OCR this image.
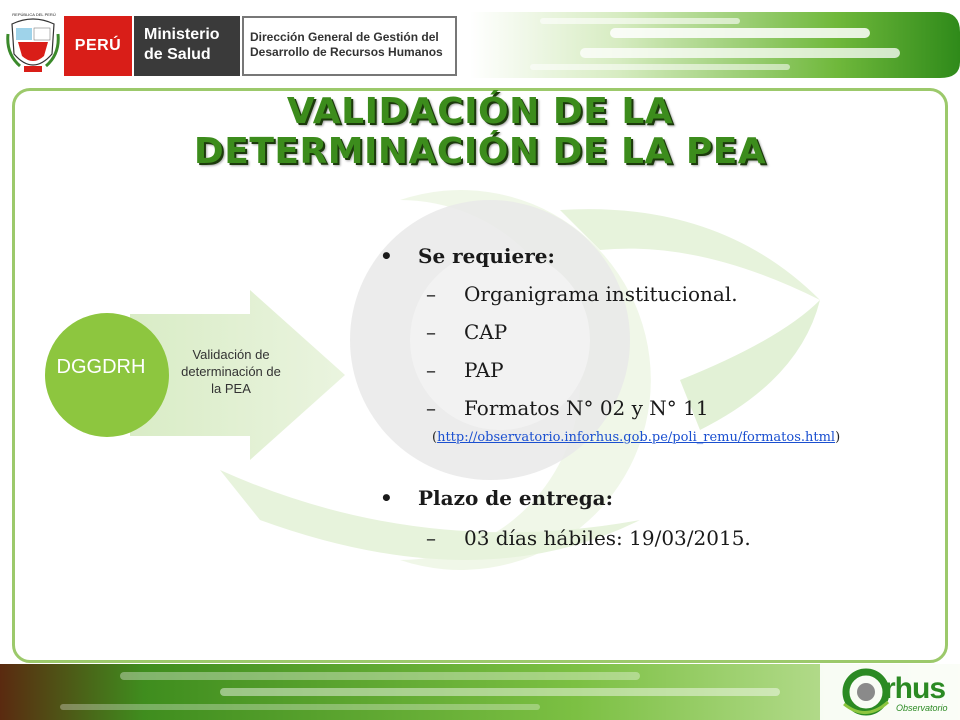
REPÚBLICA DEL PERÚ
PERÚ
Ministerio
de Salud
Dirección General de Gestión del
Desarrollo de Recursos Humanos
VALIDACIÓN DE LA
DETERMINACIÓN DE LA PEA
DGGDRH
Validación de determinación de la PEA
• Se requiere:
– Organigrama institucional.
– CAP
– PAP
– Formatos N° 02 y N° 11
(http://observatorio.inforhus.gob.pe/poli_remu/formatos.html)
• Plazo de entrega:
– 03 días hábiles: 19/03/2015.
rhus
Observatorio
